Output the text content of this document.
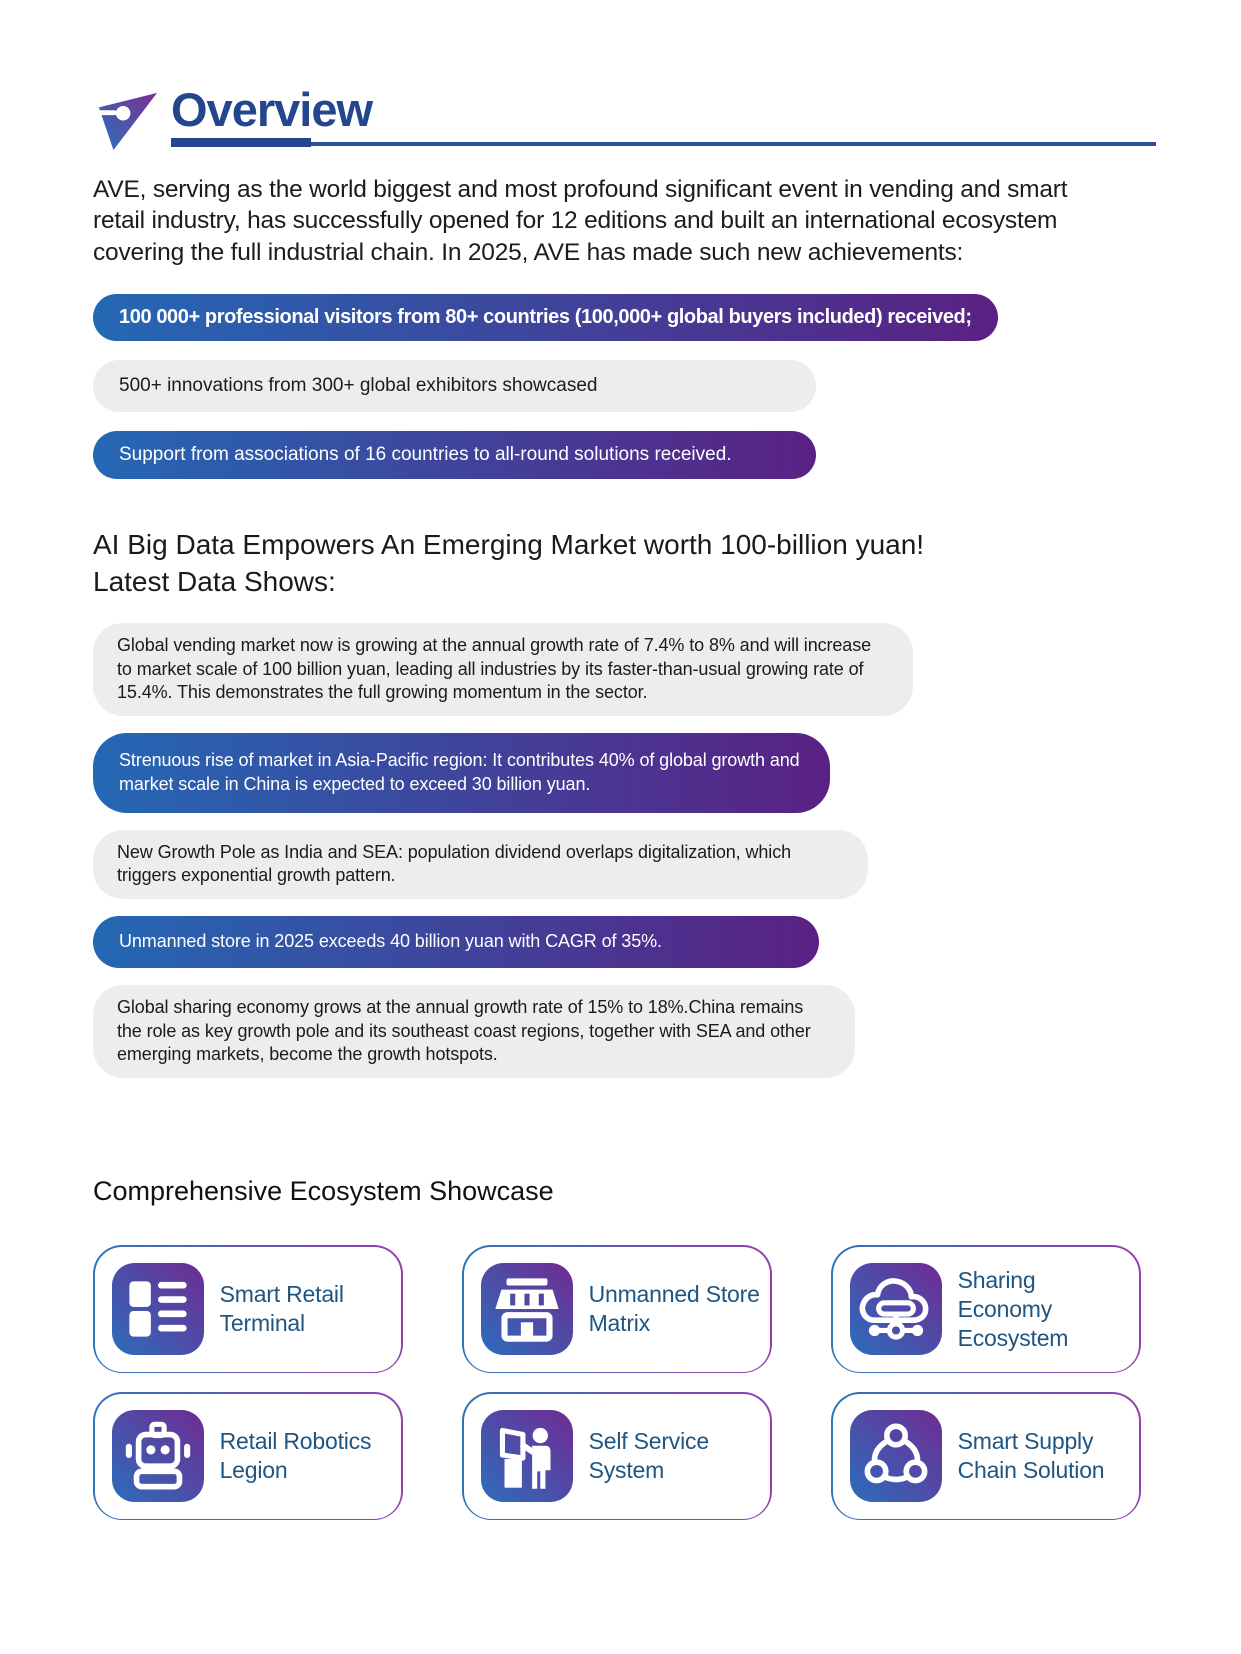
Overview

AVE, serving as the world biggest and most profound significant event in vending and smart retail industry, has successfully opened for 12 editions and built an international ecosystem covering the full industrial chain. In 2025, AVE has made such new achievements:

100 000+ professional visitors from 80+ countries (100,000+ global buyers included) received;
500+ innovations from 300+ global exhibitors showcased
Support from associations of 16 countries to all-round solutions received.
AI Big Data Empowers An Emerging Market worth 100-billion yuan!
Latest Data Shows:
Global vending market now is growing at the annual growth rate of 7.4% to 8% and will increase to market scale of 100 billion yuan, leading all industries by its faster-than-usual growing rate of 15.4%. This demonstrates the full growing momentum in the sector.
Strenuous rise of market in Asia-Pacific region: It contributes 40% of global growth and market scale in China is expected to exceed 30 billion yuan.
New Growth Pole as India and SEA: population dividend overlaps digitalization, which triggers exponential growth pattern.
Unmanned store in 2025 exceeds 40 billion yuan with CAGR of 35%.
Global sharing economy grows at the annual growth rate of 15% to 18%.China remains the role as key growth pole and its southeast coast regions, together with SEA and other emerging markets, become the growth hotspots.
Comprehensive Ecosystem Showcase
Smart Retail Terminal
Unmanned Store Matrix
Sharing Economy Ecosystem
Retail Robotics Legion
Self Service System
Smart Supply Chain Solution
